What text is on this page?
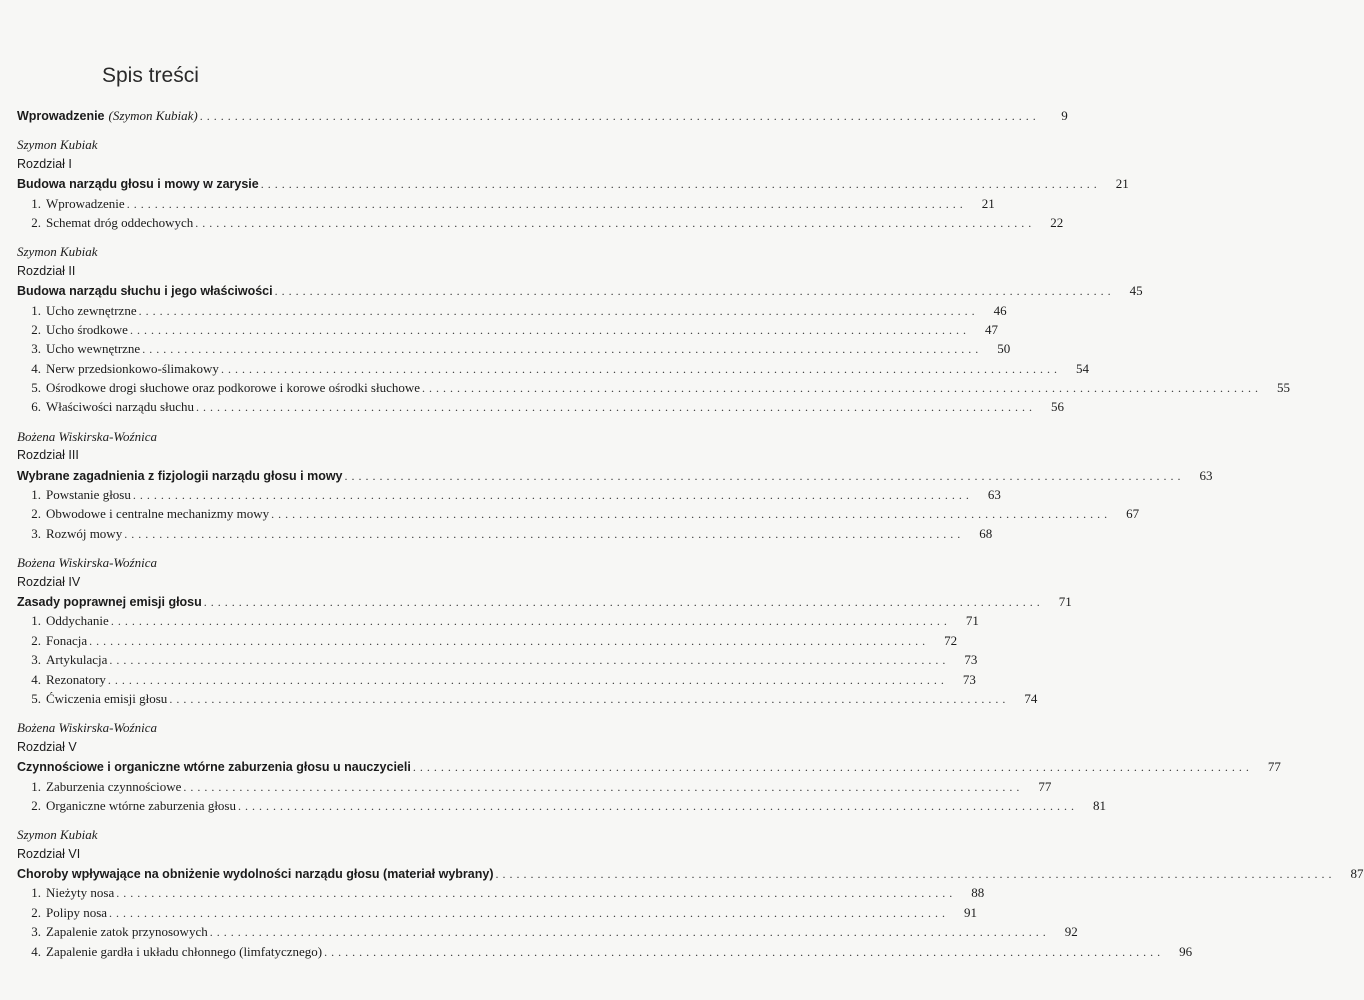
Spis treści
Wprowadzenie (Szymon Kubiak) ........................................................................................................................	9
Szymon Kubiak
Rozdział I
Budowa narządu głosu i mowy w zarysie ........................................................................................................................	21
1. Wprowadzenie ........................................................................................................................	21
2. Schemat dróg oddechowych ........................................................................................................................	22
Szymon Kubiak
Rozdział II
Budowa narządu słuchu i jego właściwości ........................................................................................................................	45
1. Ucho zewnętrzne ........................................................................................................................	46
2. Ucho środkowe ........................................................................................................................	47
3. Ucho wewnętrzne ........................................................................................................................	50
4. Nerw przedsionkowo-ślimakowy ........................................................................................................................	54
5. Ośrodkowe drogi słuchowe oraz podkorowe i korowe ośrodki słuchowe ........................................................................................................................	55
6. Właściwości narządu słuchu ........................................................................................................................	56
Bożena Wiskirska-Woźnica
Rozdział III
Wybrane zagadnienia z fizjologii narządu głosu i mowy ........................................................................................................................	63
1. Powstanie głosu ........................................................................................................................	63
2. Obwodowe i centralne mechanizmy mowy ........................................................................................................................	67
3. Rozwój mowy ........................................................................................................................	68
Bożena Wiskirska-Woźnica
Rozdział IV
Zasady poprawnej emisji głosu ........................................................................................................................	71
1. Oddychanie ........................................................................................................................	71
2. Fonacja ........................................................................................................................	72
3. Artykulacja ........................................................................................................................	73
4. Rezonatory ........................................................................................................................	73
5. Ćwiczenia emisji głosu ........................................................................................................................	74
Bożena Wiskirska-Woźnica
Rozdział V
Czynnościowe i organiczne wtórne zaburzenia głosu u nauczycieli ........................................................................................................................	77
1. Zaburzenia czynnościowe ........................................................................................................................	77
2. Organiczne wtórne zaburzenia głosu ........................................................................................................................	81
Szymon Kubiak
Rozdział VI
Choroby wpływające na obniżenie wydolności narządu głosu (materiał wybrany) ........................................................................................................................	87
1. Nieżyty nosa ........................................................................................................................	88
2. Polipy nosa ........................................................................................................................	91
3. Zapalenie zatok przynosowych ........................................................................................................................	92
4. Zapalenie gardła i układu chłonnego (limfatycznego) ........................................................................................................................	96
